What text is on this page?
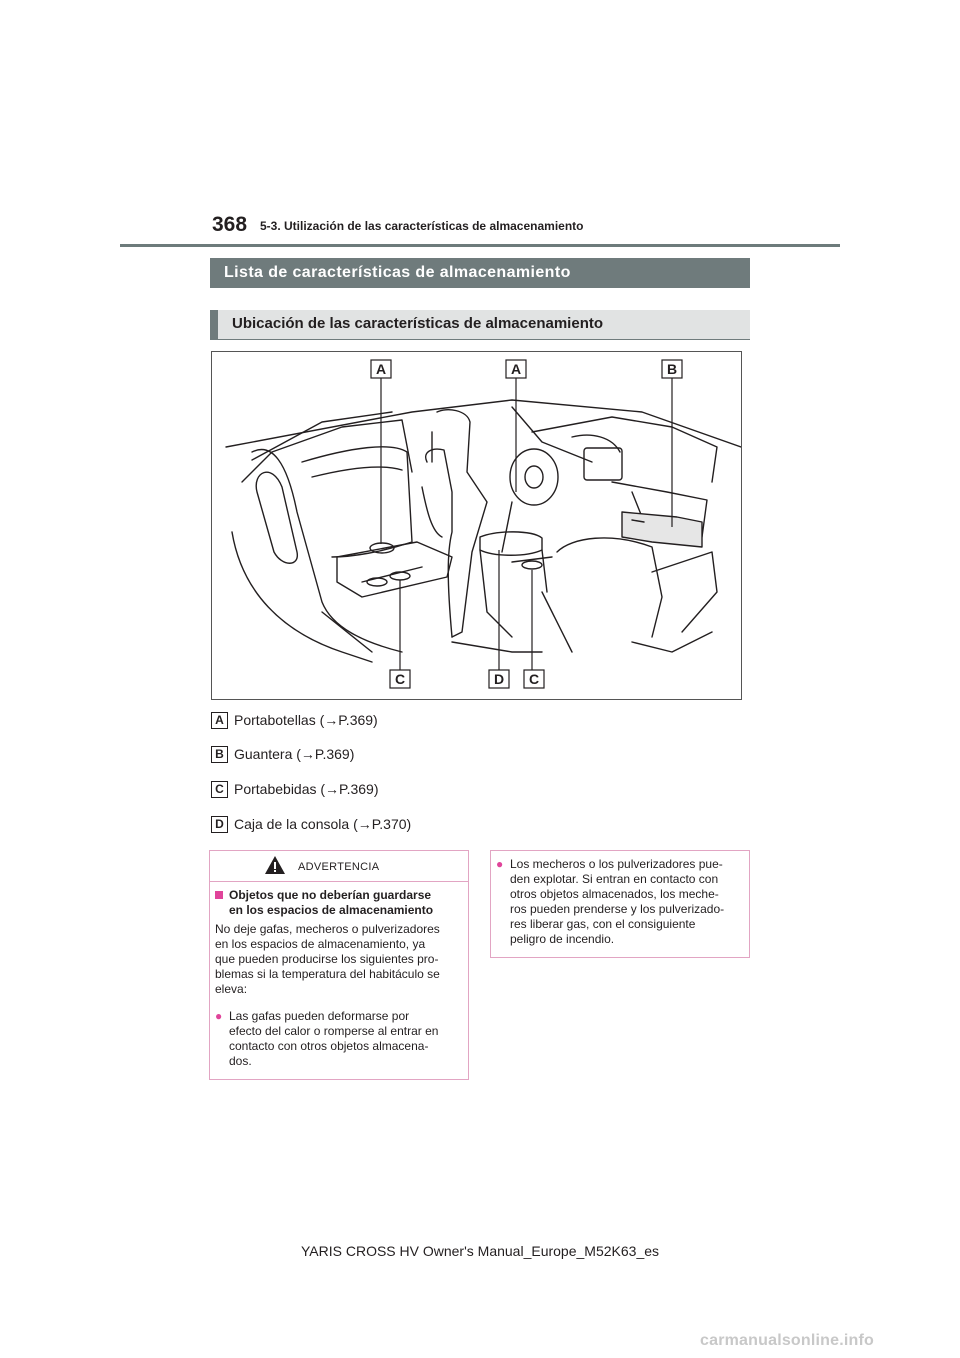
368 5-3. Utilización de las características de almacenamiento
Lista de características de almacenamiento
Ubicación de las características de almacenamiento
A	A	B
C	D C
A Portabotellas (→P.369)
B Guantera (→P.369)
C Portabebidas (→P.369)
D Caja de la consola (→P.370)
ADVERTENCIA
Objetos que no deberían guardarse
en los espacios de almacenamiento
No deje gafas, mecheros o pulverizadores
en los espacios de almacenamiento, ya
que pueden producirse los siguientes pro-
blemas si la temperatura del habitáculo se
eleva:
● Las gafas pueden deformarse por
efecto del calor o romperse al entrar en
contacto con otros objetos almacena-
dos.
● Los mecheros o los pulverizadores pue-
den explotar. Si entran en contacto con
otros objetos almacenados, los meche-
ros pueden prenderse y los pulverizado-
res liberar gas, con el consiguiente
peligro de incendio.
YARIS CROSS HV Owner's Manual_Europe_M52K63_es
carmanualsonline.info
